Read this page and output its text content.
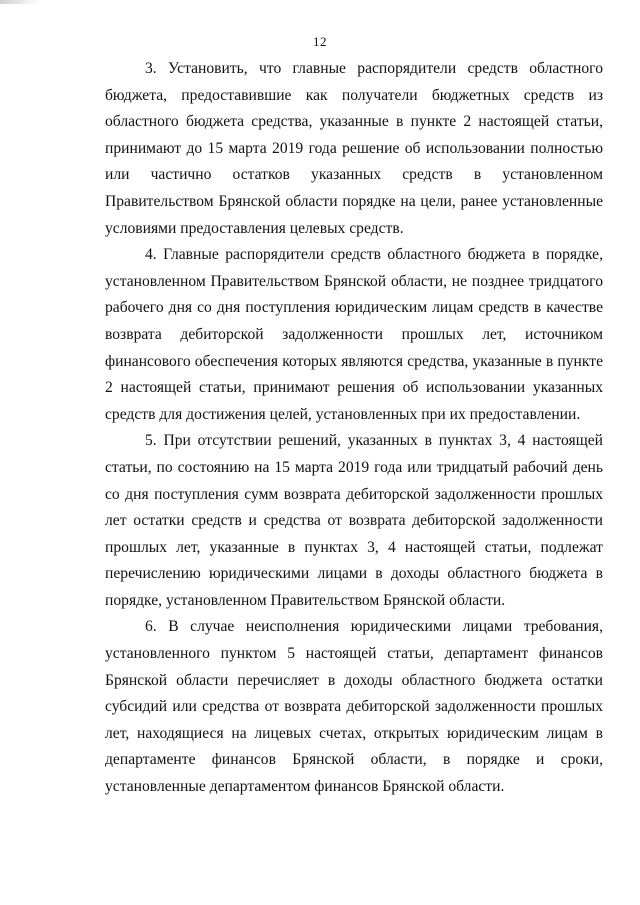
12

3. Установить, что главные распорядители средств областного бюджета, предоставившие как получатели бюджетных средств из областного бюджета средства, указанные в пункте 2 настоящей статьи, принимают до 15 марта 2019 года решение об использовании полностью или частично остатков указанных средств в установленном Правительством Брянской области порядке на цели, ранее установленные условиями предоставления целевых средств.

4. Главные распорядители средств областного бюджета в порядке, установленном Правительством Брянской области, не позднее тридцатого рабочего дня со дня поступления юридическим лицам средств в качестве возврата дебиторской задолженности прошлых лет, источником финансового обеспечения которых являются средства, указанные в пункте 2 настоящей статьи, принимают решения об использовании указанных средств для достижения целей, установленных при их предоставлении.

5. При отсутствии решений, указанных в пунктах 3, 4 настоящей статьи, по состоянию на 15 марта 2019 года или тридцатый рабочий день со дня поступления сумм возврата дебиторской задолженности прошлых лет остатки средств и средства от возврата дебиторской задолженности прошлых лет, указанные в пунктах 3, 4 настоящей статьи, подлежат перечислению юридическими лицами в доходы областного бюджета в порядке, установленном Правительством Брянской области.

6. В случае неисполнения юридическими лицами требования, установленного пунктом 5 настоящей статьи, департамент финансов Брянской области перечисляет в доходы областного бюджета остатки субсидий или средства от возврата дебиторской задолженности прошлых лет, находящиеся на лицевых счетах, открытых юридическим лицам в департаменте финансов Брянской области, в порядке и сроки, установленные департаментом финансов Брянской области.
